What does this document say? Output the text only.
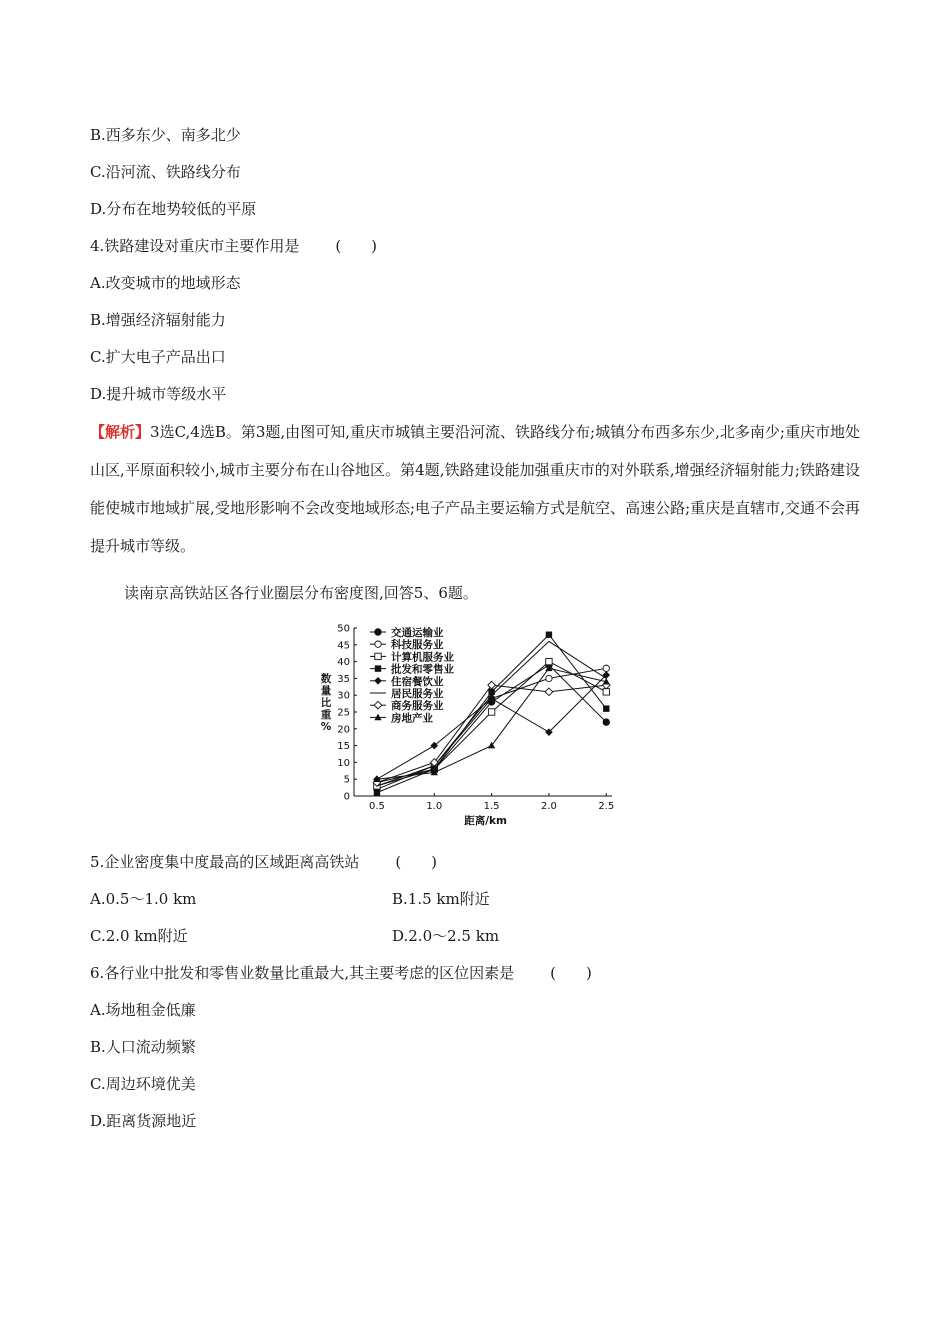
B.西多东少、南多北少
C.沿河流、铁路线分布
D.分布在地势较低的平原
4.铁路建设对重庆市主要作用是 (　　)
A.改变城市的地域形态
B.增强经济辐射能力
C.扩大电子产品出口
D.提升城市等级水平
【解析】3选C,4选B。第3题,由图可知,重庆市城镇主要沿河流、铁路线分布;城镇分布西多东少,北多南少;重庆市地处山区,平原面积较小,城市主要分布在山谷地区。第4题,铁路建设能加强重庆市的对外联系,增强经济辐射能力;铁路建设能使城市地域扩展,受地形影响不会改变地域形态;电子产品主要运输方式是航空、高速公路;重庆是直辖市,交通不会再提升城市等级。
读南京高铁站区各行业圈层分布密度图,回答5、6题。
0
5
10
15
20
25
30
35
40
45
50
0.5	1.0	1.5	2.0	2.5
距离/km
数
量
比
重
%
交通运输业
科技服务业
计算机服务业
批发和零售业
住宿餐饮业
居民服务业
商务服务业
房地产业
5.企业密度集中度最高的区域距离高铁站 (　　)
A.0.5～1.0 km	B.1.5 km附近
C.2.0 km附近	D.2.0～2.5 km
6.各行业中批发和零售业数量比重最大,其主要考虑的区位因素是 (　　)
A.场地租金低廉
B.人口流动频繁
C.周边环境优美
D.距离货源地近
